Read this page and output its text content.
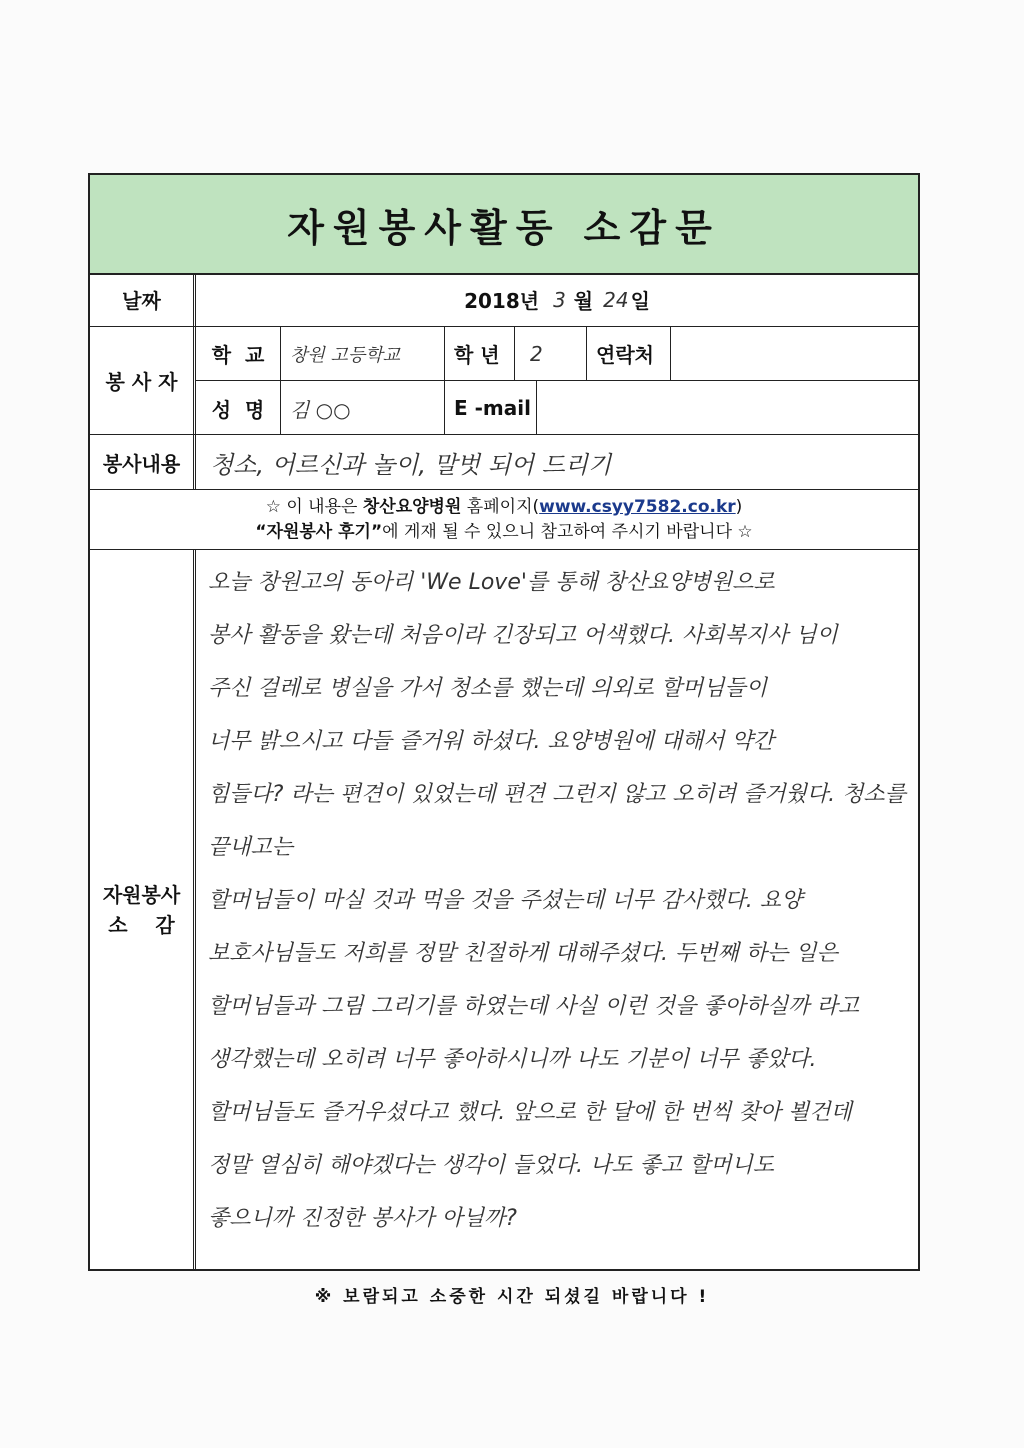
자원봉사활동 소감문
날짜	2018년 3 월 24 일
봉 사 자
학  교 창원 고등학교	학 년 2	연락처
성  명 김 ○○	E -mail
봉사내용	청소, 어르신과 놀이, 말벗 되어 드리기
☆ 이 내용은 창산요양병원 홈페이지(www.csyy7582.co.kr)
“자원봉사 후기”에 게재 될 수 있으니 참고하여 주시기 바랍니다 ☆
자원봉사
소    감
오늘 창원고의 동아리 'We Love'를 통해 창산요양병원으로
봉사 활동을 왔는데 처음이라 긴장되고 어색했다. 사회복지사 님이
주신 걸레로 병실을 가서 청소를 했는데 의외로 할머님들이
너무 밝으시고 다들 즐거워 하셨다. 요양병원에 대해서 약간
힘들다? 라는 편견이 있었는데 편견 그런지 않고 오히려 즐거웠다. 청소를 끝내고는
할머님들이 마실 것과 먹을 것을 주셨는데 너무 감사했다. 요양
보호사님들도 저희를 정말 친절하게 대해주셨다. 두번째 하는 일은
할머님들과 그림 그리기를 하였는데 사실 이런 것을 좋아하실까 라고
생각했는데 오히려 너무 좋아하시니까 나도 기분이 너무 좋았다.
할머님들도 즐거우셨다고 했다. 앞으로 한 달에 한 번씩 찾아 뵐건데
정말 열심히 해야겠다는 생각이 들었다. 나도 좋고 할머니도
좋으니까 진정한 봉사가 아닐까?
※ 보람되고 소중한 시간 되셨길 바랍니다 !
